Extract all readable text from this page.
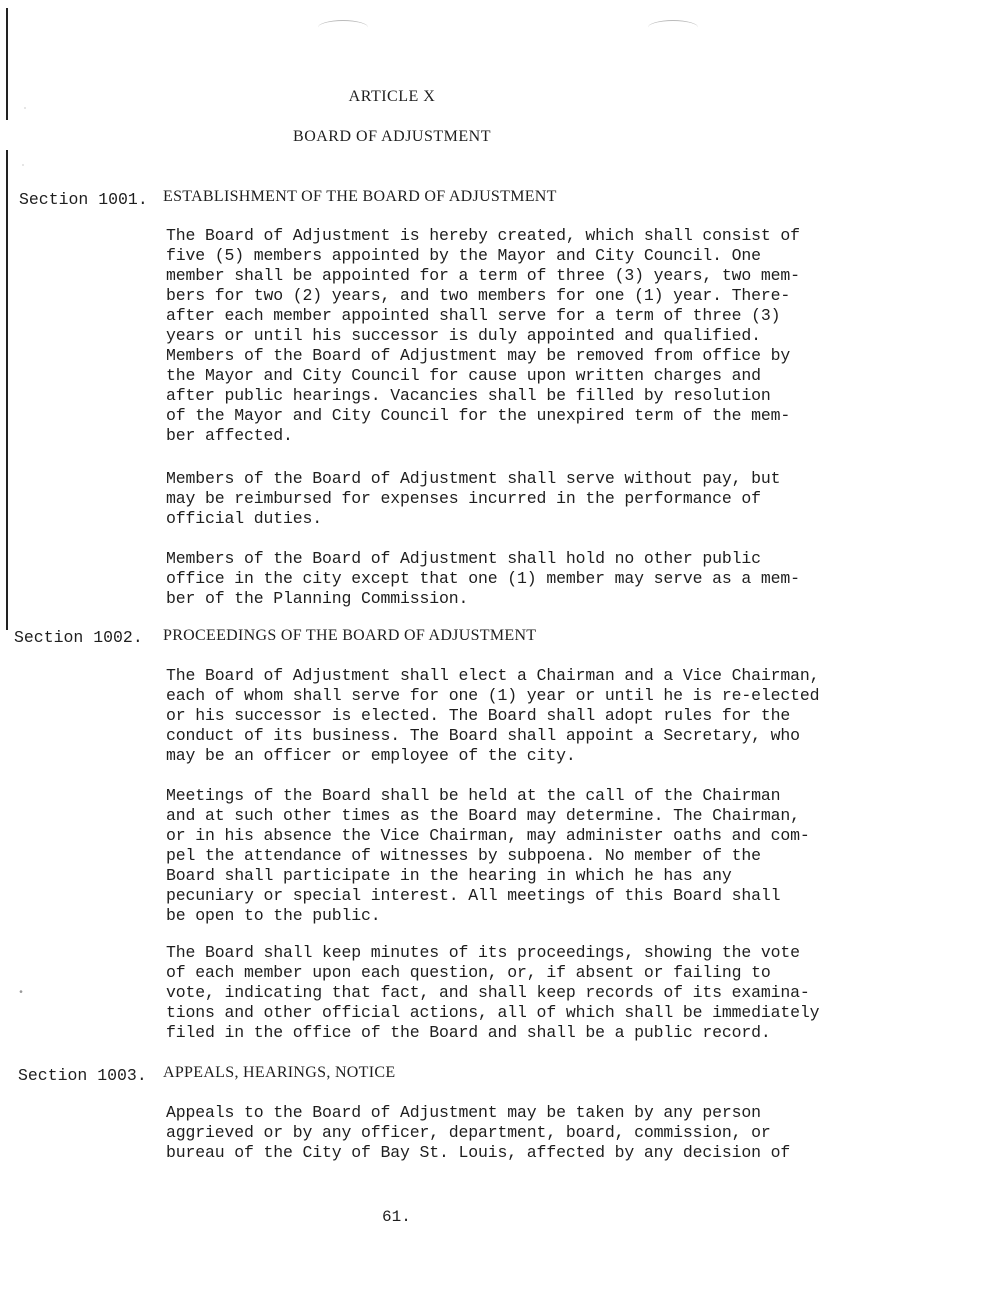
˙
˙
•
ARTICLE X
BOARD OF ADJUSTMENT
Section 1001. ESTABLISHMENT OF THE BOARD OF ADJUSTMENT
The Board of Adjustment is hereby created, which shall consist of
five (5) members appointed by the Mayor and City Council. One
member shall be appointed for a term of three (3) years, two mem-
bers for two (2) years, and two members for one (1) year. There-
after each member appointed shall serve for a term of three (3)
years or until his successor is duly appointed and qualified.
Members of the Board of Adjustment may be removed from office by
the Mayor and City Council for cause upon written charges and
after public hearings. Vacancies shall be filled by resolution
of the Mayor and City Council for the unexpired term of the mem-
ber affected.
Members of the Board of Adjustment shall serve without pay, but
may be reimbursed for expenses incurred in the performance of
official duties.
Members of the Board of Adjustment shall hold no other public
office in the city except that one (1) member may serve as a mem-
ber of the Planning Commission.
Section 1002. PROCEEDINGS OF THE BOARD OF ADJUSTMENT
The Board of Adjustment shall elect a Chairman and a Vice Chairman,
each of whom shall serve for one (1) year or until he is re-elected
or his successor is elected. The Board shall adopt rules for the
conduct of its business. The Board shall appoint a Secretary, who
may be an officer or employee of the city.
Meetings of the Board shall be held at the call of the Chairman
and at such other times as the Board may determine. The Chairman,
or in his absence the Vice Chairman, may administer oaths and com-
pel the attendance of witnesses by subpoena. No member of the
Board shall participate in the hearing in which he has any
pecuniary or special interest. All meetings of this Board shall
be open to the public.
The Board shall keep minutes of its proceedings, showing the vote
of each member upon each question, or, if absent or failing to
vote, indicating that fact, and shall keep records of its examina-
tions and other official actions, all of which shall be immediately
filed in the office of the Board and shall be a public record.
Section 1003. APPEALS, HEARINGS, NOTICE
Appeals to the Board of Adjustment may be taken by any person
aggrieved or by any officer, department, board, commission, or
bureau of the City of Bay St. Louis, affected by any decision of
61.
